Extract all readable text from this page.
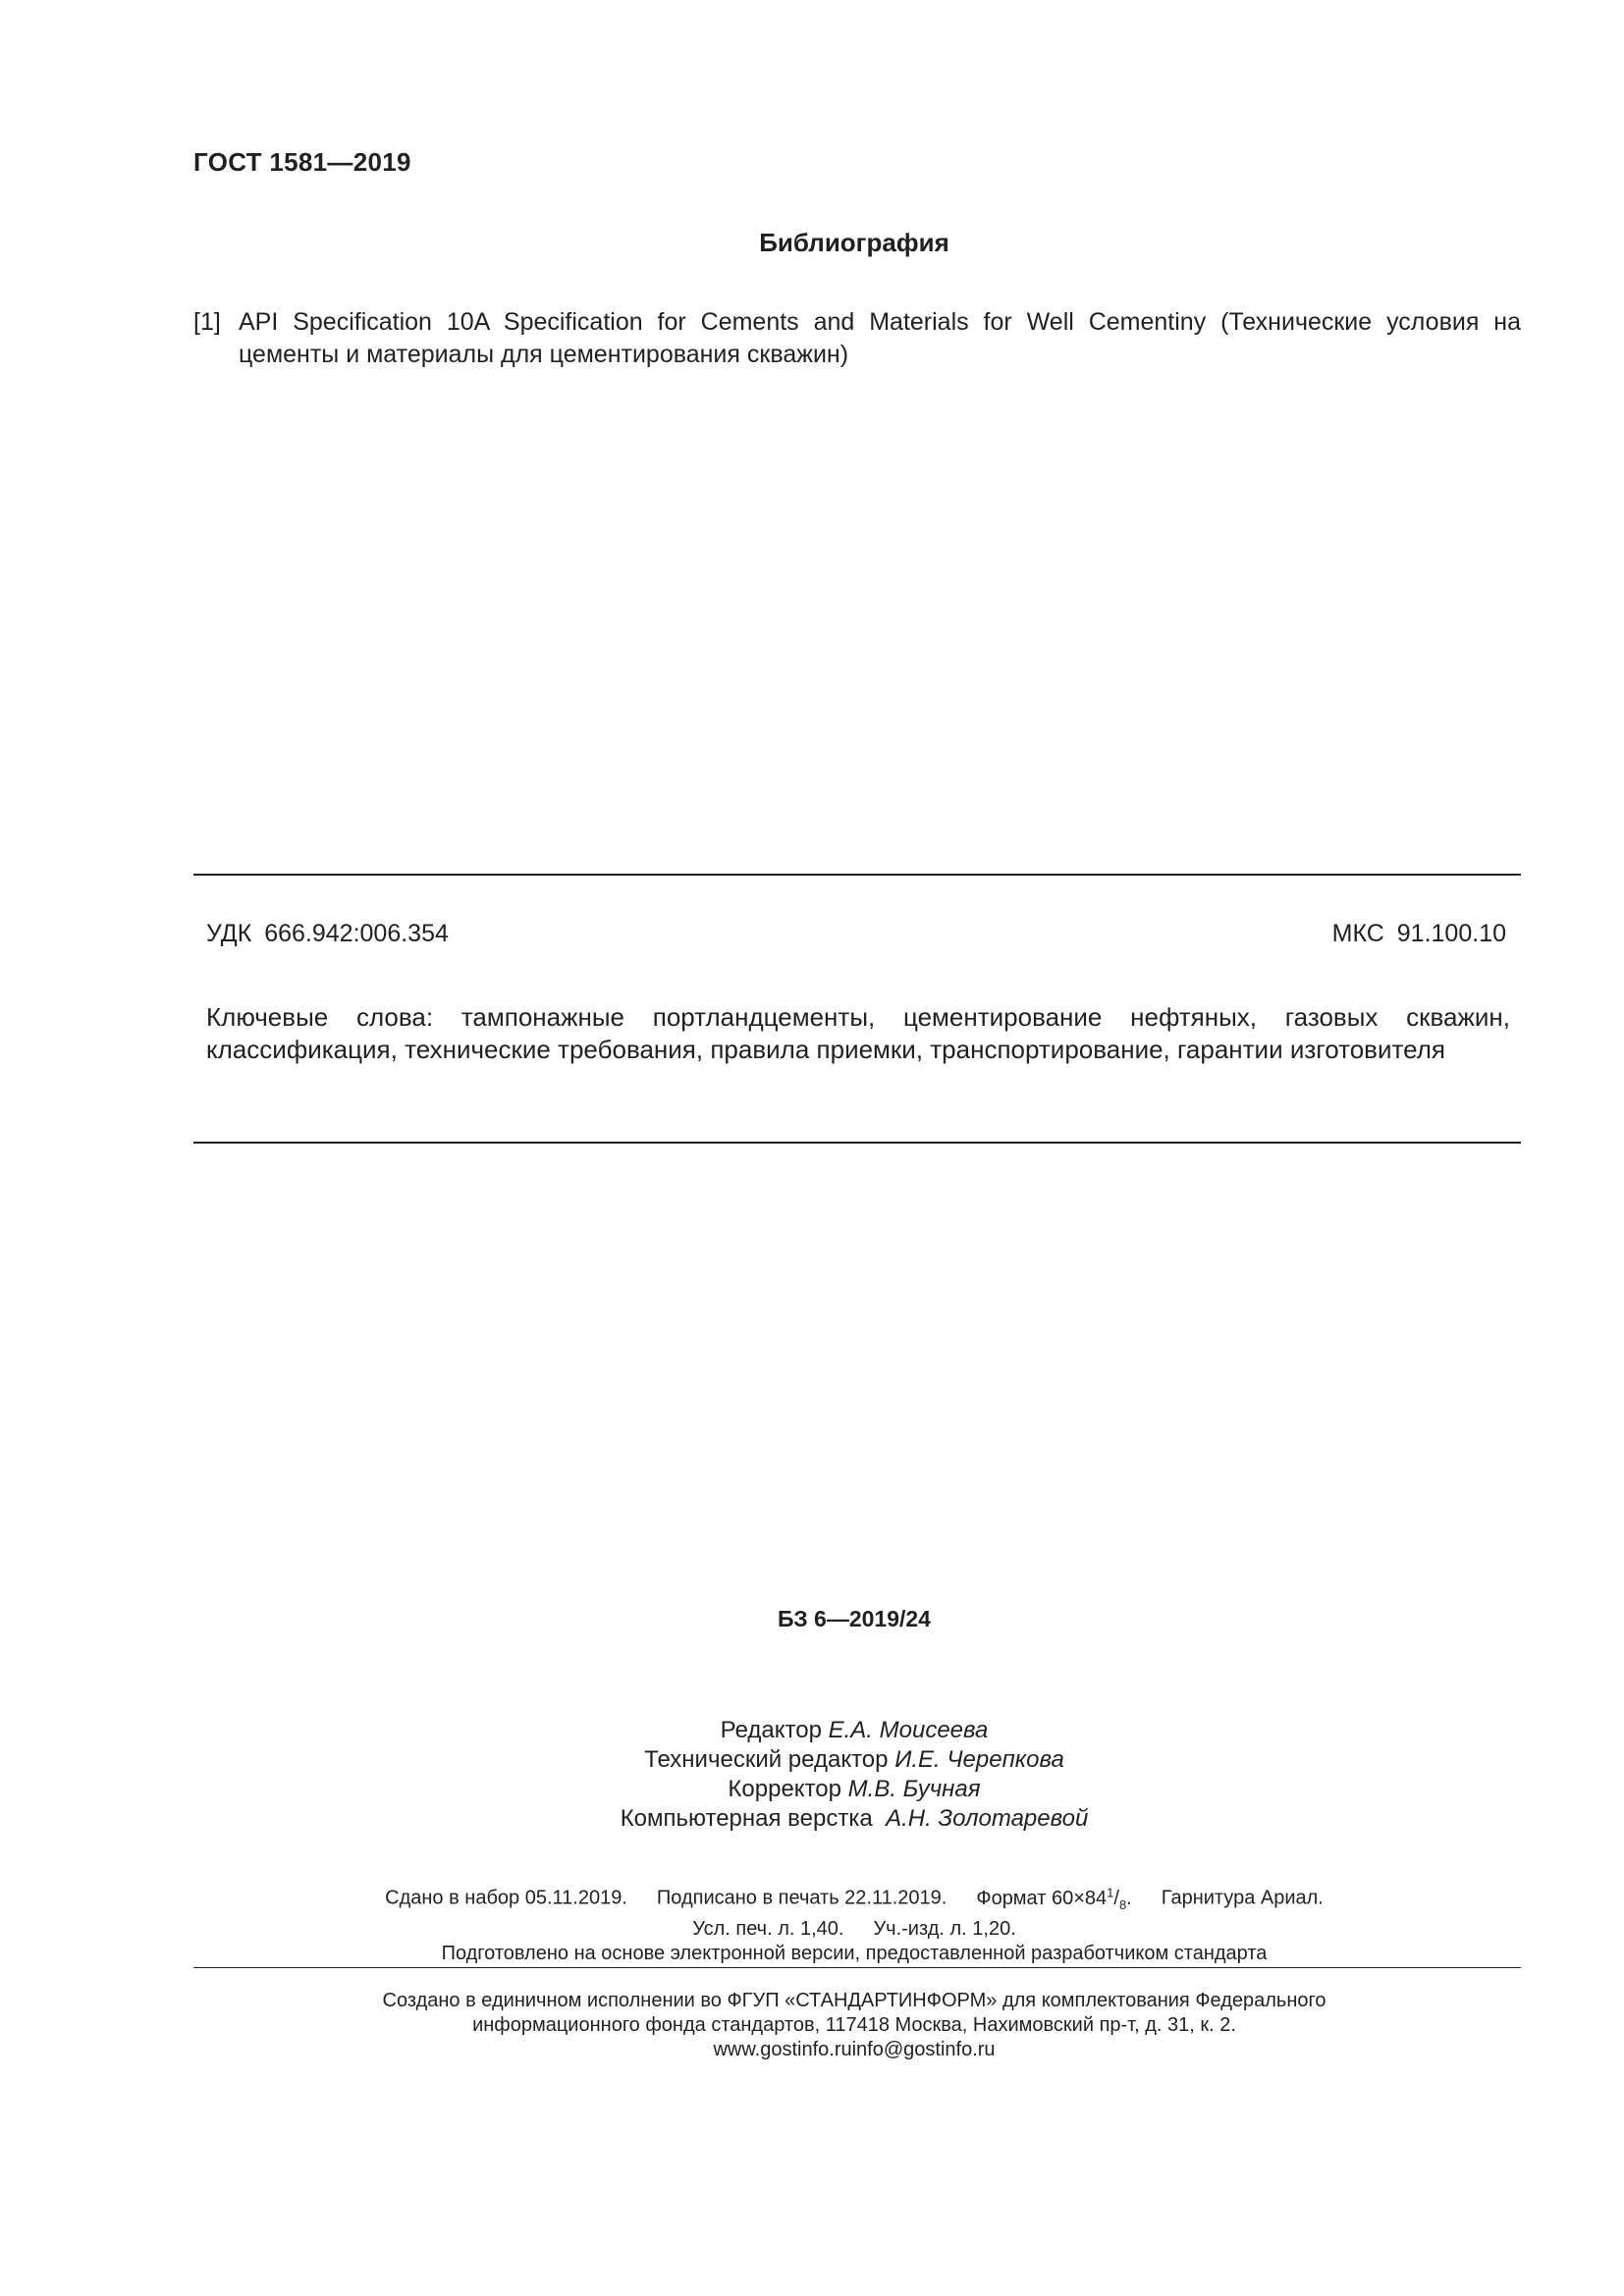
ГОСТ 1581—2019
Библиография
[1] API Specification 10A Specification for Cements and Materials for Well Cementiny (Технические условия на цементы и материалы для цементирования скважин)
УДК 666.942:006.354	МКС 91.100.10
Ключевые слова: тампонажные портландцементы, цементирование нефтяных, газовых скважин, классификация, технические требования, правила приемки, транспортирование, гарантии изготовителя
БЗ 6—2019/24
Редактор Е.А. Моисеева
Технический редактор И.Е. Черепкова
Корректор М.В. Бучная
Компьютерная верстка А.Н. Золотаревой
Сдано в набор 05.11.2019. Подписано в печать 22.11.2019. Формат $60\times 84^1/_8$. Гарнитура Ариал.
Усл. печ. л. 1,40. Уч.-изд. л. 1,20.
Подготовлено на основе электронной версии, предоставленной разработчиком стандарта
Создано в единичном исполнении во ФГУП «СТАНДАРТИНФОРМ» для комплектования Федерального
информационного фонда стандартов, 117418 Москва, Нахимовский пр-т, д. 31, к. 2.
www.gostinfo.ruinfo@gostinfo.ru
